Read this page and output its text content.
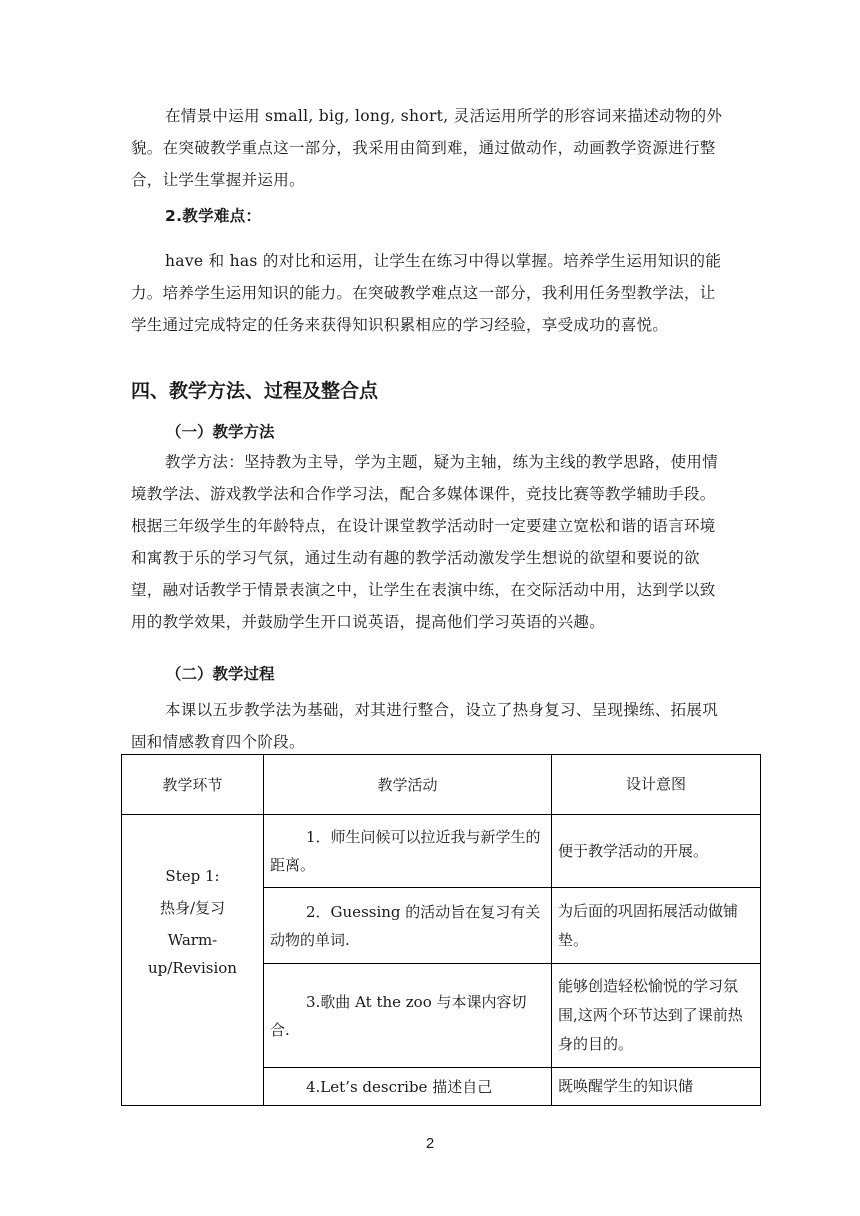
在情景中运用 small, big, long, short, 灵活运用所学的形容词来描述动物的外貌。在突破教学重点这一部分，我采用由简到难，通过做动作，动画教学资源进行整合，让学生掌握并运用。
2.教学难点：
have 和 has 的对比和运用，让学生在练习中得以掌握。培养学生运用知识的能力。培养学生运用知识的能力。在突破教学难点这一部分，我利用任务型教学法，让学生通过完成特定的任务来获得知识积累相应的学习经验，享受成功的喜悦。
四、教学方法、过程及整合点
（一）教学方法
教学方法：坚持教为主导，学为主题，疑为主轴，练为主线的教学思路，使用情境教学法、游戏教学法和合作学习法，配合多媒体课件，竞技比赛等教学辅助手段。根据三年级学生的年龄特点，在设计课堂教学活动时一定要建立宽松和谐的语言环境和寓教于乐的学习气氛，通过生动有趣的教学活动激发学生想说的欲望和要说的欲望，融对话教学于情景表演之中，让学生在表演中练，在交际活动中用，达到学以致用的教学效果，并鼓励学生开口说英语，提高他们学习英语的兴趣。
（二）教学过程
本课以五步教学法为基础，对其进行整合，设立了热身复习、呈现操练、拓展巩固和情感教育四个阶段。
教学环节	教学活动	设计意图

Step 1:
热身/复习
Warm-
up/Revision	1．师生问候可以拉近我与新学生的距离。	便于教学活动的开展。
	2．Guessing 的活动旨在复习有关动物的单词.	为后面的巩固拓展活动做铺垫。
	3.歌曲 At the zoo 与本课内容切合.	能够创造轻松愉悦的学习氛围,这两个环节达到了课前热身的目的。
	4.Let’s describe 描述自己	既唤醒学生的知识储
2
